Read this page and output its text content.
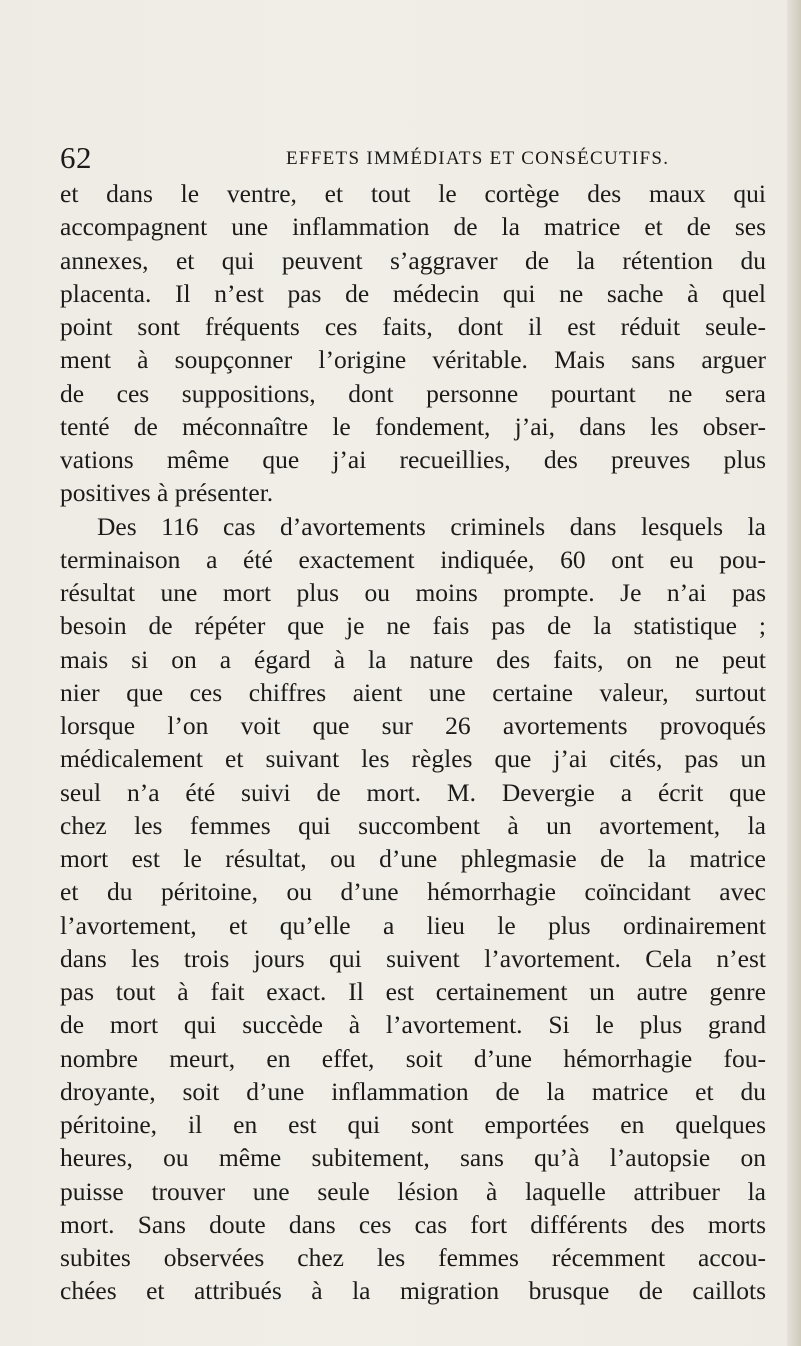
62	EFFETS IMMÉDIATS ET CONSÉCUTIFS.
et dans le ventre, et tout le cortège des maux qui
accompagnent une inflammation de la matrice et de ses
annexes, et qui peuvent s’aggraver de la rétention du
placenta. Il n’est pas de médecin qui ne sache à quel
point sont fréquents ces faits, dont il est réduit seule-
ment à soupçonner l’origine véritable. Mais sans arguer
de ces suppositions, dont personne pourtant ne sera
tenté de méconnaître le fondement, j’ai, dans les obser-
vations même que j’ai recueillies, des preuves plus
positives à présenter.
Des 116 cas d’avortements criminels dans lesquels la
terminaison a été exactement indiquée, 60 ont eu pou-
résultat une mort plus ou moins prompte. Je n’ai pas
besoin de répéter que je ne fais pas de la statistique ;
mais si on a égard à la nature des faits, on ne peut
nier que ces chiffres aient une certaine valeur, surtout
lorsque l’on voit que sur 26 avortements provoqués
médicalement et suivant les règles que j’ai cités, pas un
seul n’a été suivi de mort. M. Devergie a écrit que
chez les femmes qui succombent à un avortement, la
mort est le résultat, ou d’une phlegmasie de la matrice
et du péritoine, ou d’une hémorrhagie coïncidant avec
l’avortement, et qu’elle a lieu le plus ordinairement
dans les trois jours qui suivent l’avortement. Cela n’est
pas tout à fait exact. Il est certainement un autre genre
de mort qui succède à l’avortement. Si le plus grand
nombre meurt, en effet, soit d’une hémorrhagie fou-
droyante, soit d’une inflammation de la matrice et du
péritoine, il en est qui sont emportées en quelques
heures, ou même subitement, sans qu’à l’autopsie on
puisse trouver une seule lésion à laquelle attribuer la
mort. Sans doute dans ces cas fort différents des morts
subites observées chez les femmes récemment accou-
chées et attribués à la migration brusque de caillots
